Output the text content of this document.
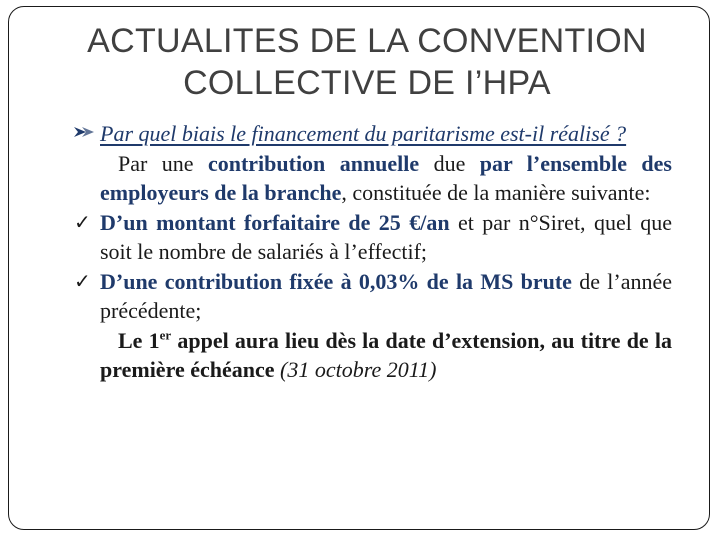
ACTUALITES DE LA CONVENTION
COLLECTIVE DE I’HPA

Par quel biais le financement du paritarisme est-il réalisé ?

Par une contribution annuelle due par l’ensemble des employeurs de la branche, constituée de la manière suivante:

✓ D’un montant forfaitaire de 25 €/an et par n°Siret, quel que soit le nombre de salariés à l’effectif;

✓ D’une contribution fixée à 0,03% de la MS brute de l’année précédente;

Le 1er appel aura lieu dès la date d’extension, au titre de la première échéance (31 octobre 2011)
